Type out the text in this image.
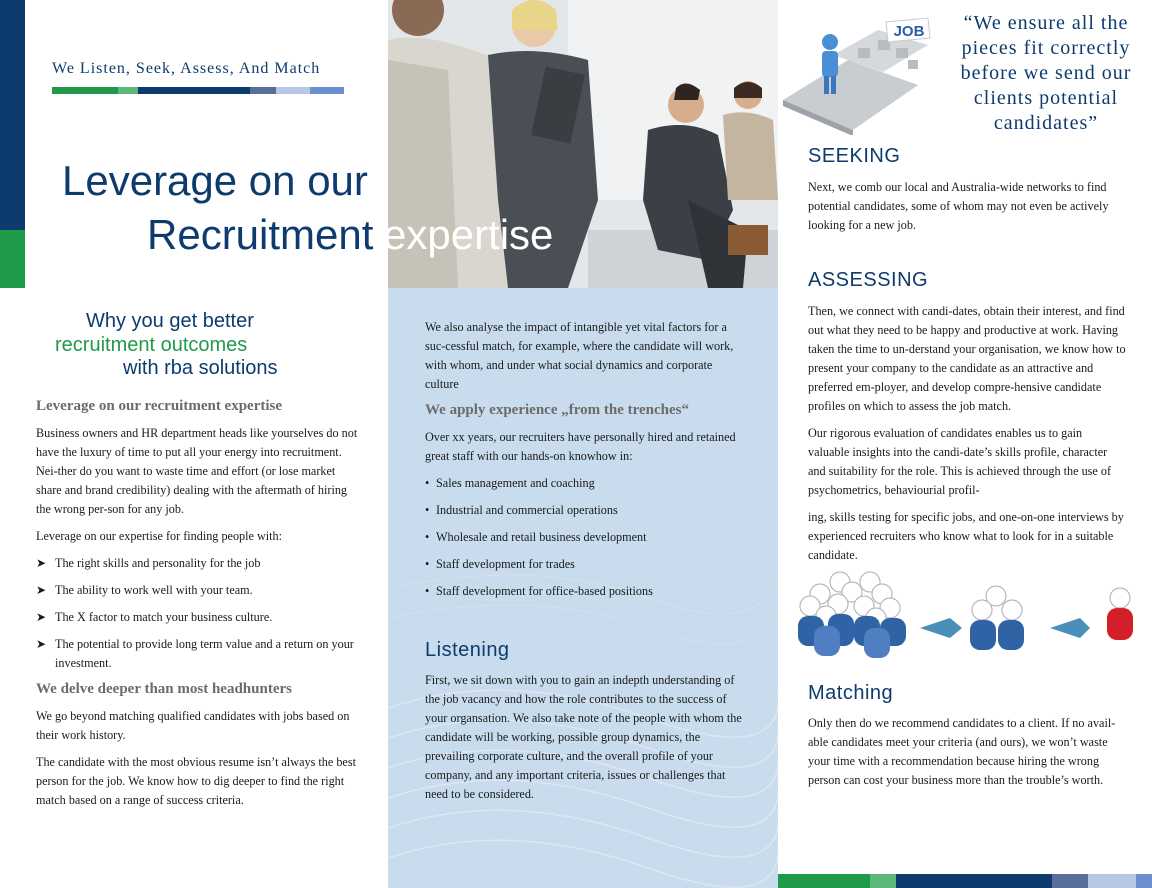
We Listen, Seek, Assess, And Match
Leverage on our
Recruitment expertise
Why you get better
recruitment outcomes
with rba solutions
Leverage on our recruitment expertise

Business owners and HR department heads like yourselves do not have the luxury of time to put all your energy into recruitment. Nei-ther do you want to waste time and effort (or lose market share and brand credibility) dealing with the aftermath of hiring the wrong per-son for any job.

Leverage on our expertise for finding people with:

➤ The right skills and personality for the job
➤ The ability to work well with your team.
➤ The X factor to match your business culture.
➤ The potential to provide long term value and a return on your investment.
We delve deeper than most headhunters

We go beyond matching qualified candidates with jobs based on their work history.

The candidate with the most obvious resume isn’t always the best person for the job. We know how to dig deeper to find the right match based on a range of success criteria.

We also analyse the impact of intangible yet vital factors for a suc-cessful match, for example, where the candidate will work, with whom, and under what social dynamics and corporate culture
We apply experience „from the trenches“
Over xx years, our recruiters have personally hired and retained great staff with our hands-on knowhow in:
• Sales management and coaching
• Industrial and commercial operations
• Wholesale and retail business development
• Staff development for trades
• Staff development for office-based positions
Listening
First, we sit down with you to gain an indepth understanding of the job vacancy and how the role contributes to the success of your organsation. We also take note of the people with whom the candidate will be working, possible group dynamics, the prevailing corporate culture, and the overall profile of your company, and any important criteria, issues or challenges that need to be considered.
JOB	“We ensure all the pieces fit correctly before we send our clients potential candidates”
SEEKING
Next, we comb our local and Australia-wide networks to find potential candidates, some of whom may not even be actively looking for a new job.
ASSESSING

Then, we connect with candi-dates, obtain their interest, and find out what they need to be happy and productive at work. Having taken the time to un-derstand your organisation, we know how to present your company to the candidate as an attractive and preferred em-ployer, and develop compre-hensive candidate profiles on which to assess the job match.

Our rigorous evaluation of candidates enables us to gain valuable insights into the candi-date’s skills profile, character and suitability for the role. This is achieved through the use of psychometrics, behaviourial profil-

ing, skills testing for specific jobs, and one-on-one interviews by experienced recruiters who know what to look for in a suitable candidate.

Matching
Only then do we recommend candidates to a client. If no avail-able candidates meet your criteria (and ours), we won’t waste your time with a recommendation because hiring the wrong person can cost your business more than the trouble’s worth.
